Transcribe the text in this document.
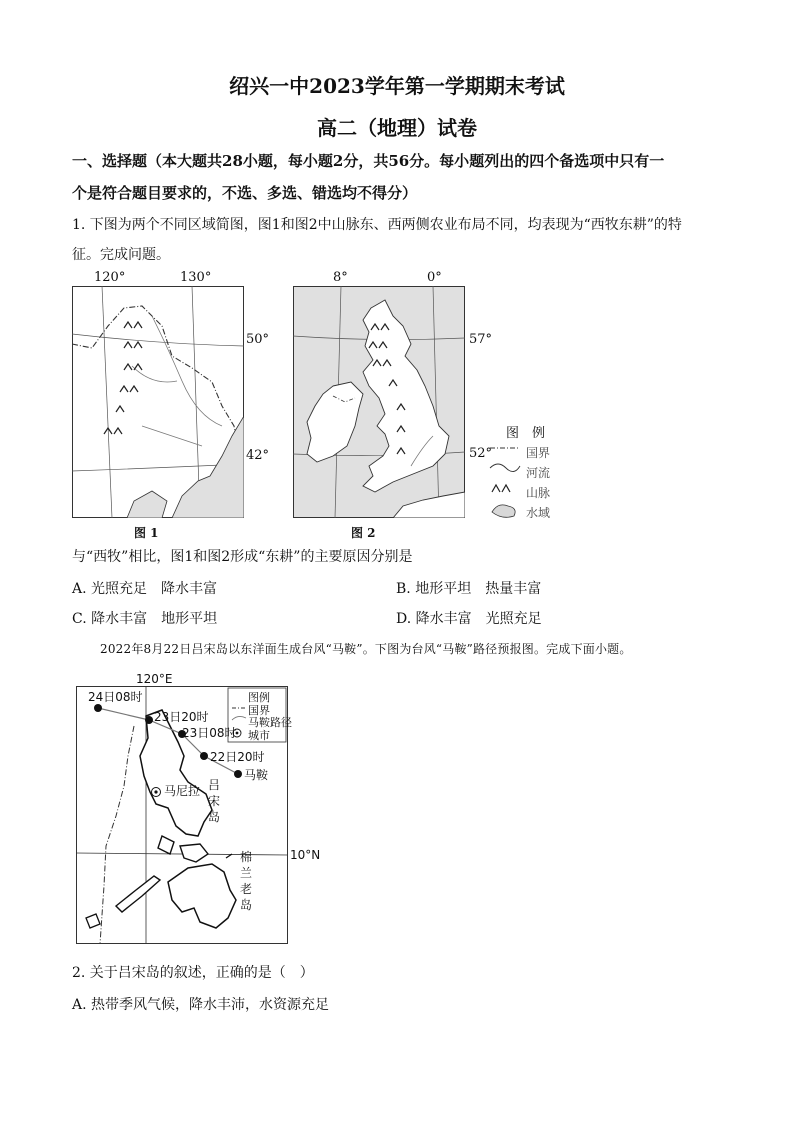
绍兴一中2023学年第一学期期末考试
高二（地理）试卷
一、选择题（本大题共28小题，每小题2分，共56分。每小题列出的四个备选项中只有一
个是符合题目要求的，不选、多选、错选均不得分）
1. 下图为两个不同区域简图，图1和图2中山脉东、西两侧农业布局不同，均表现为“西牧东耕”的特
征。完成问题。
120°	130°
50°
42°
图 1
8°	0°
57°
52°
图 2
图　例
国界
河流
山脉
水域
与“西牧”相比，图1和图2形成“东耕”的主要原因分别是
A. 光照充足　降水丰富	B. 地形平坦　热量丰富
C. 降水丰富　地形平坦	D. 降水丰富　光照充足
2022年8月22日吕宋岛以东洋面生成台风“马鞍”。下图为台风“马鞍”路径预报图。完成下面小题。
120°E
24日08时
23日20时
23日08时
22日20时
马鞍
马尼拉 吕
宋
岛
棉
兰
老
岛
10°N
图例
国界
马鞍路径
城市
2. 关于吕宋岛的叙述，正确的是（　）
A. 热带季风气候，降水丰沛，水资源充足
